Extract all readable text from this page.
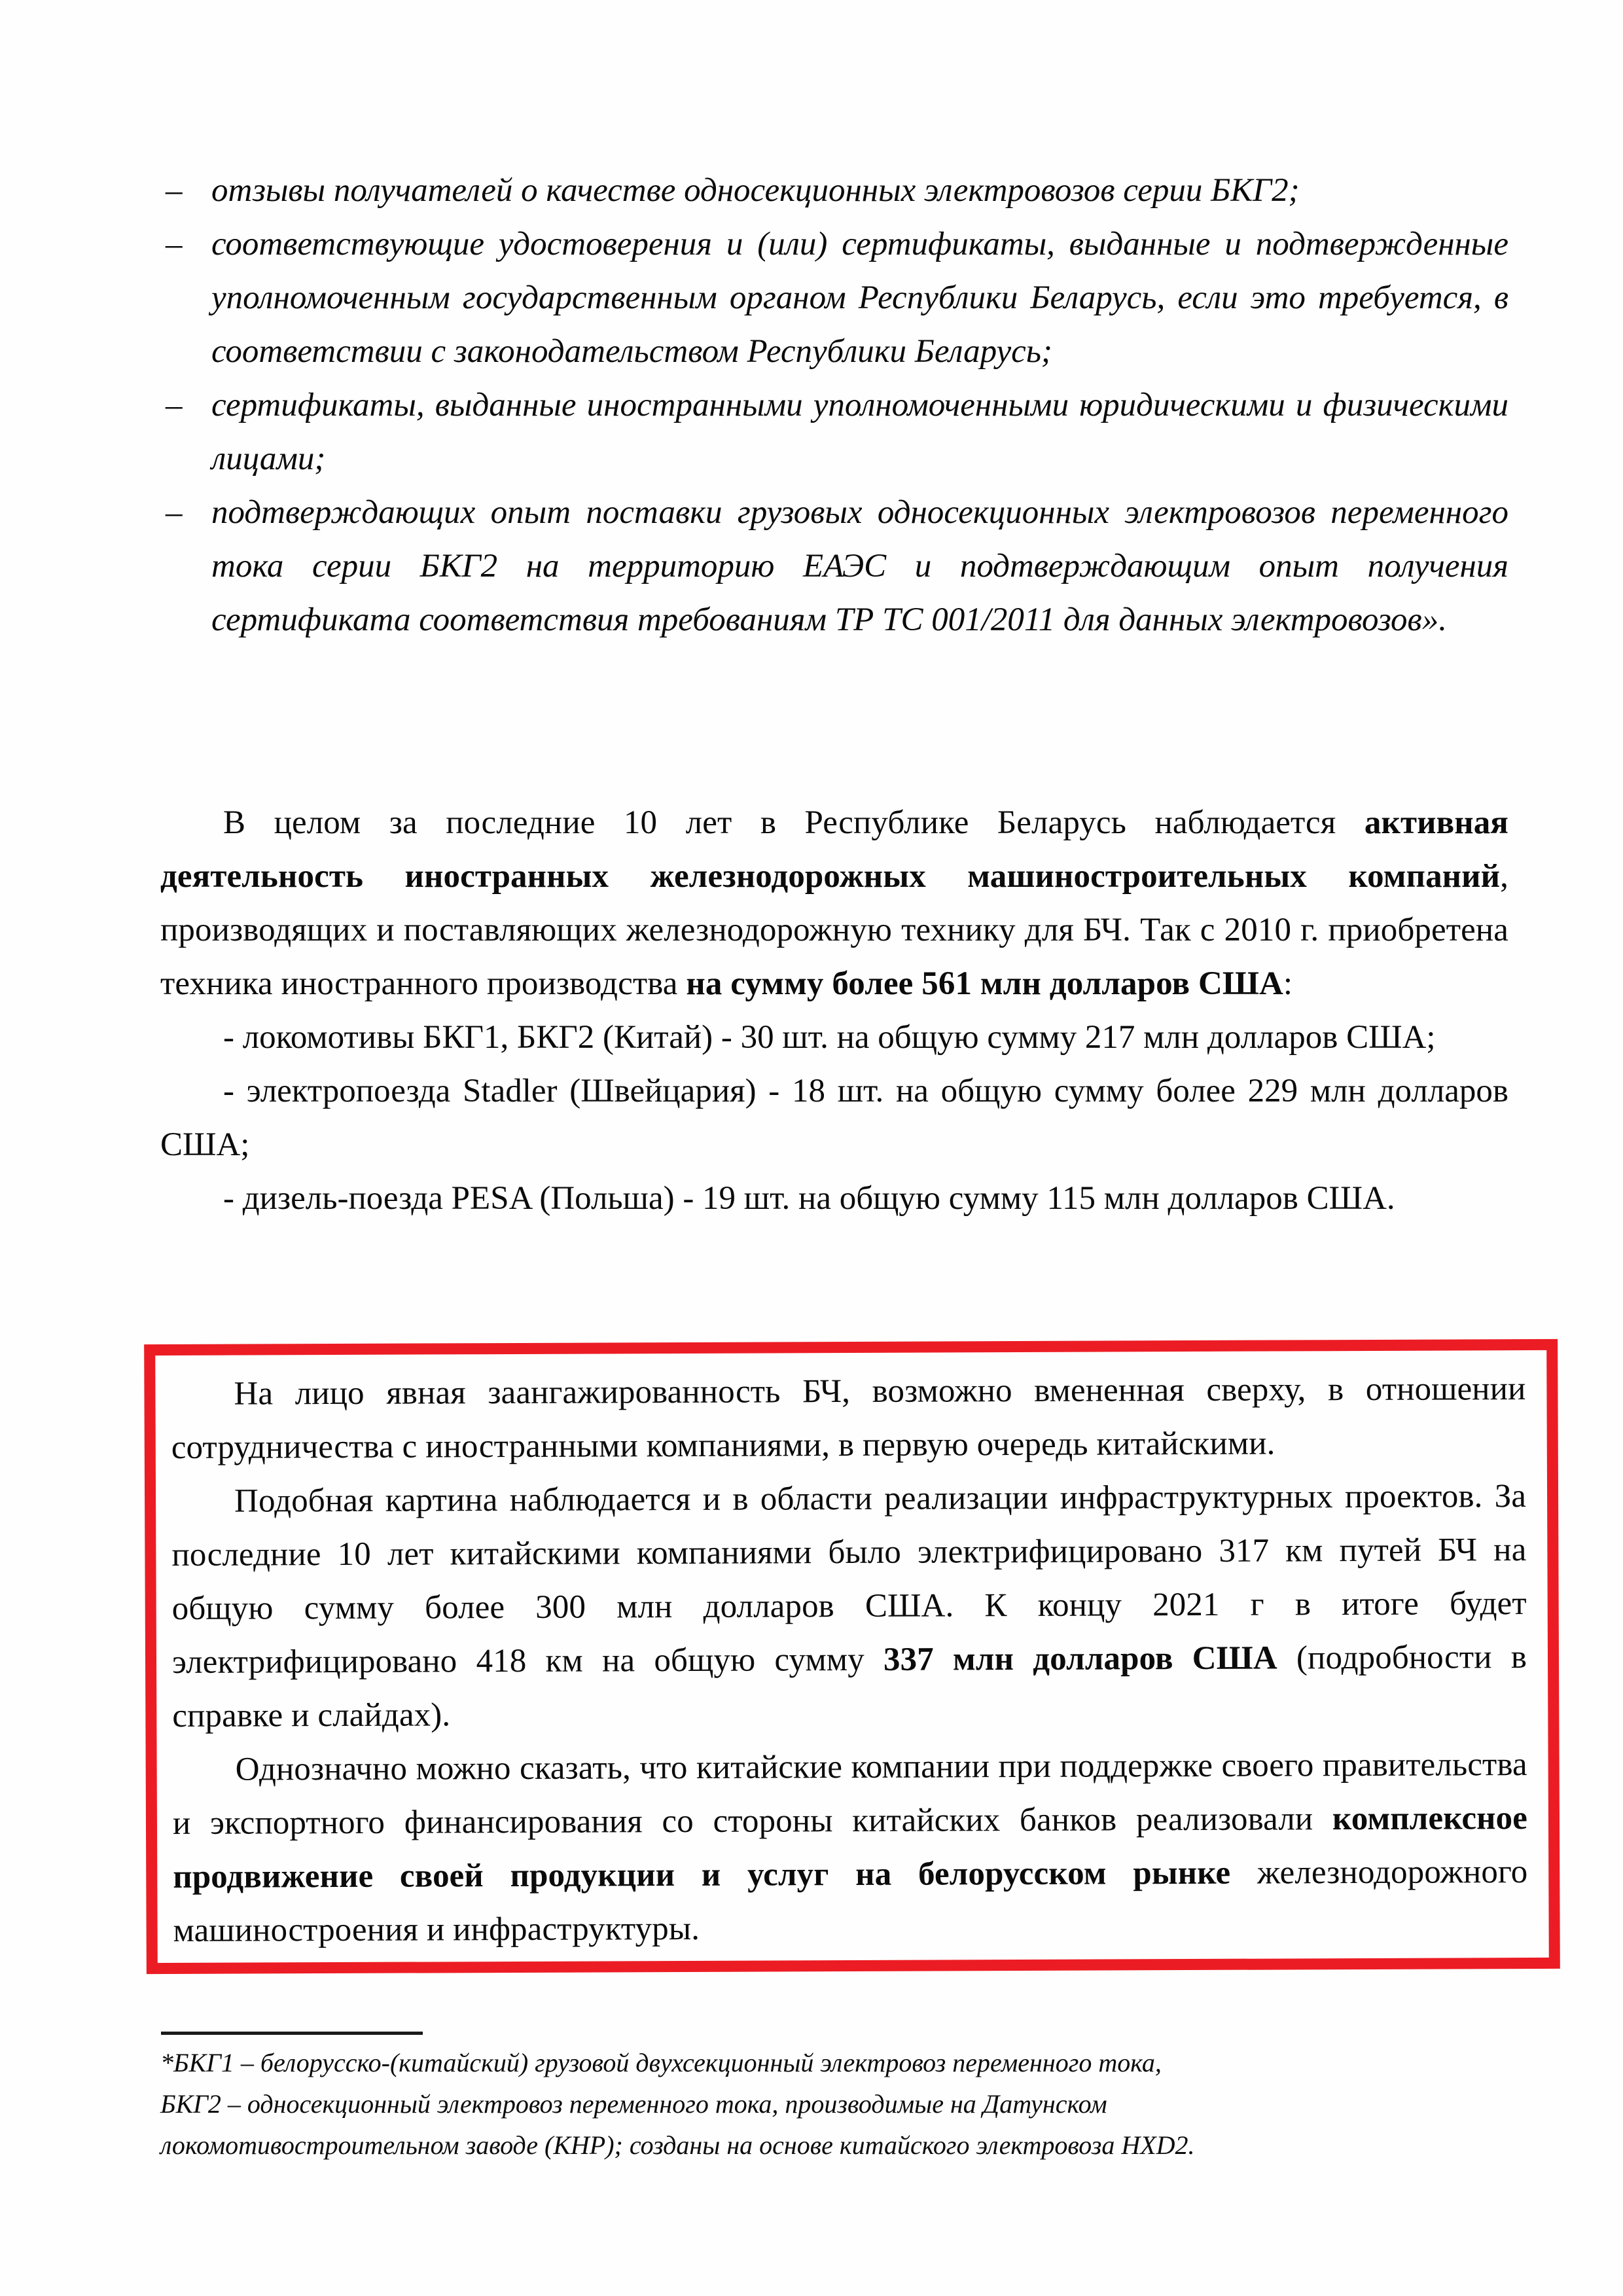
– отзывы получателей о качестве односекционных электровозов серии БКГ2;
– соответствующие удостоверения и (или) сертификаты, выданные и подтвержденные уполномоченным государственным органом Республики Беларусь, если это требуется, в соответствии с законодательством Республики Беларусь;
– сертификаты, выданные иностранными уполномоченными юридическими и физическими лицами;
– подтверждающих опыт поставки грузовых односекционных электровозов переменного тока серии БКГ2 на территорию ЕАЭС и подтверждающим опыт получения сертификата соответствия требованиям ТР ТС 001/2011 для данных электровозов».

В целом за последние 10 лет в Республике Беларусь наблюдается активная деятельность иностранных железнодорожных машиностроительных компаний, производящих и поставляющих железнодорожную технику для БЧ. Так с 2010 г. приобретена техника иностранного производства на сумму более 561 млн долларов США:

- локомотивы БКГ1, БКГ2 (Китай) - 30 шт. на общую сумму 217 млн долларов США;

- электропоезда Stadler (Швейцария) - 18 шт. на общую сумму более 229 млн долларов США;

- дизель-поезда PESA (Польша) - 19 шт. на общую сумму 115 млн долларов США.

На лицо явная заангажированность БЧ, возможно вмененная сверху, в отношении сотрудничества с иностранными компаниями, в первую очередь китайскими.

Подобная картина наблюдается и в области реализации инфраструктурных проектов. За последние 10 лет китайскими компаниями было электрифицировано 317 км путей БЧ на общую сумму более 300 млн долларов США. К концу 2021 г в итоге будет электрифицировано 418 км на общую сумму 337 млн долларов США (подробности в справке и слайдах).

Однозначно можно сказать, что китайские компании при поддержке своего правительства и экспортного финансирования со стороны китайских банков реализовали комплексное продвижение своей продукции и услуг на белорусском рынке железнодорожного машиностроения и инфраструктуры.

*БКГ1 – белорусско-(китайский) грузовой двухсекционный электровоз переменного тока,

БКГ2 – односекционный электровоз переменного тока, производимые на Датунском

локомотивостроительном заводе (КНР); созданы на основе китайского электровоза HXD2.
